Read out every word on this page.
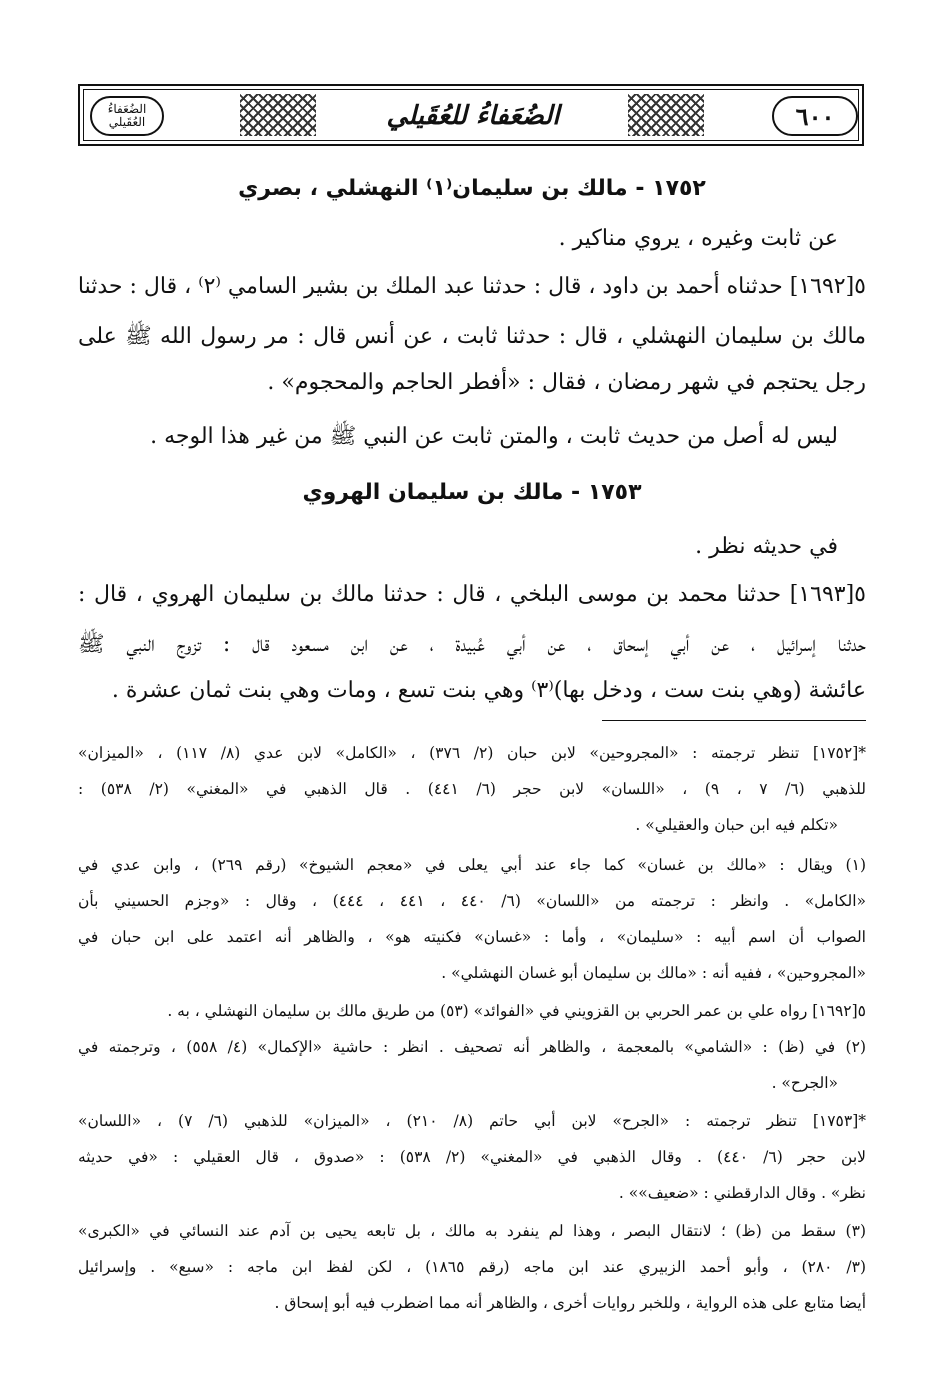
٦٠٠
الضُعَفاءُ للعُقَيلي
الضُعَفاءُ
العُقَيلي
١٧٥٢ - مالك بن سليمان⁽١⁾ النهشلي ، بصري
عن ثابت وغيره ، يروي مناكير .
٥[١٦٩٢] حدثناه أحمد بن داود ، قال : حدثنا عبد الملك بن بشير السامي ⁽٢⁾ ، قال : حدثنا
مالك بن سليمان النهشلي ، قال : حدثنا ثابت ، عن أنس قال : مر رسول الله ﷺ على
رجل يحتجم في شهر رمضان ، فقال : «أفطر الحاجم والمحجوم» .
ليس له أصل من حديث ثابت ، والمتن ثابت عن النبي ﷺ من غير هذا الوجه .
١٧٥٣ - مالك بن سليمان الهروي
في حديثه نظر .
٥[١٦٩٣] حدثنا محمد بن موسى البلخي ، قال : حدثنا مالك بن سليمان الهروي ، قال :
حدثنا إسرائيل ، عن أبي إسحاق ، عن أبي عُبيدة ، عن ابن مسعود قال : تزوج النبي ﷺ
عائشة (وهي بنت ست ، ودخل بها)⁽٣⁾ وهي بنت تسع ، ومات وهي بنت ثمان عشرة .
*[١٧٥٢] تنظر ترجمته : «المجروحين» لابن حبان (٢/ ٣٧٦) ، «الكامل» لابن عدي (٨/ ١١٧) ، «الميزان»
للذهبي (٦/ ٧ ، ٩) ، «اللسان» لابن حجر (٦/ ٤٤١) . قال الذهبي في «المغني» (٢/ ٥٣٨) :
«تكلم فيه ابن حبان والعقيلي» .
(١) ويقال : «مالك بن غسان» كما جاء عند أبي يعلى في «معجم الشيوخ» (رقم ٢٦٩) ، وابن عدي في
«الكامل» . وانظر : ترجمته من «اللسان» (٦/ ٤٤٠ ، ٤٤١ ، ٤٤٤) ، وقال : «وجزم الحسيني بأن
الصواب أن اسم أبيه : «سليمان» ، وأما : «غسان» فكنيته هو» ، والظاهر أنه اعتمد على ابن حبان في
«المجروحين» ، ففيه أنه : «مالك بن سليمان أبو غسان النهشلي» .
٥[١٦٩٢] رواه علي بن عمر الحربي بن القزويني في «الفوائد» (٥٣) من طريق مالك بن سليمان النهشلي ، به .
(٢) في (ظ) : «الشامي» بالمعجمة ، والظاهر أنه تصحيف . انظر : حاشية «الإكمال» (٤/ ٥٥٨) ، وترجمته في
«الجرح» .
*[١٧٥٣] تنظر ترجمته : «الجرح» لابن أبي حاتم (٨/ ٢١٠) ، «الميزان» للذهبي (٦/ ٧) ، «اللسان»
لابن حجر (٦/ ٤٤٠) . وقال الذهبي في «المغني» (٢/ ٥٣٨) : «صدوق ، قال العقيلي : «في حديثه
نظر» . وقال الدارقطني : «ضعيف»» .
(٣) سقط من (ظ) ؛ لانتقال البصر ، وهذا لم ينفرد به مالك ، بل تابعه يحيى بن آدم عند النسائي في «الكبرى»
(٣/ ٢٨٠) ، وأبو أحمد الزبيري عند ابن ماجه (رقم ١٨٦٥) ، لكن لفظ ابن ماجه : «سبع» . وإسرائيل
أيضا متابع على هذه الرواية ، وللخبر روايات أخرى ، والظاهر أنه مما اضطرب فيه أبو إسحاق .
